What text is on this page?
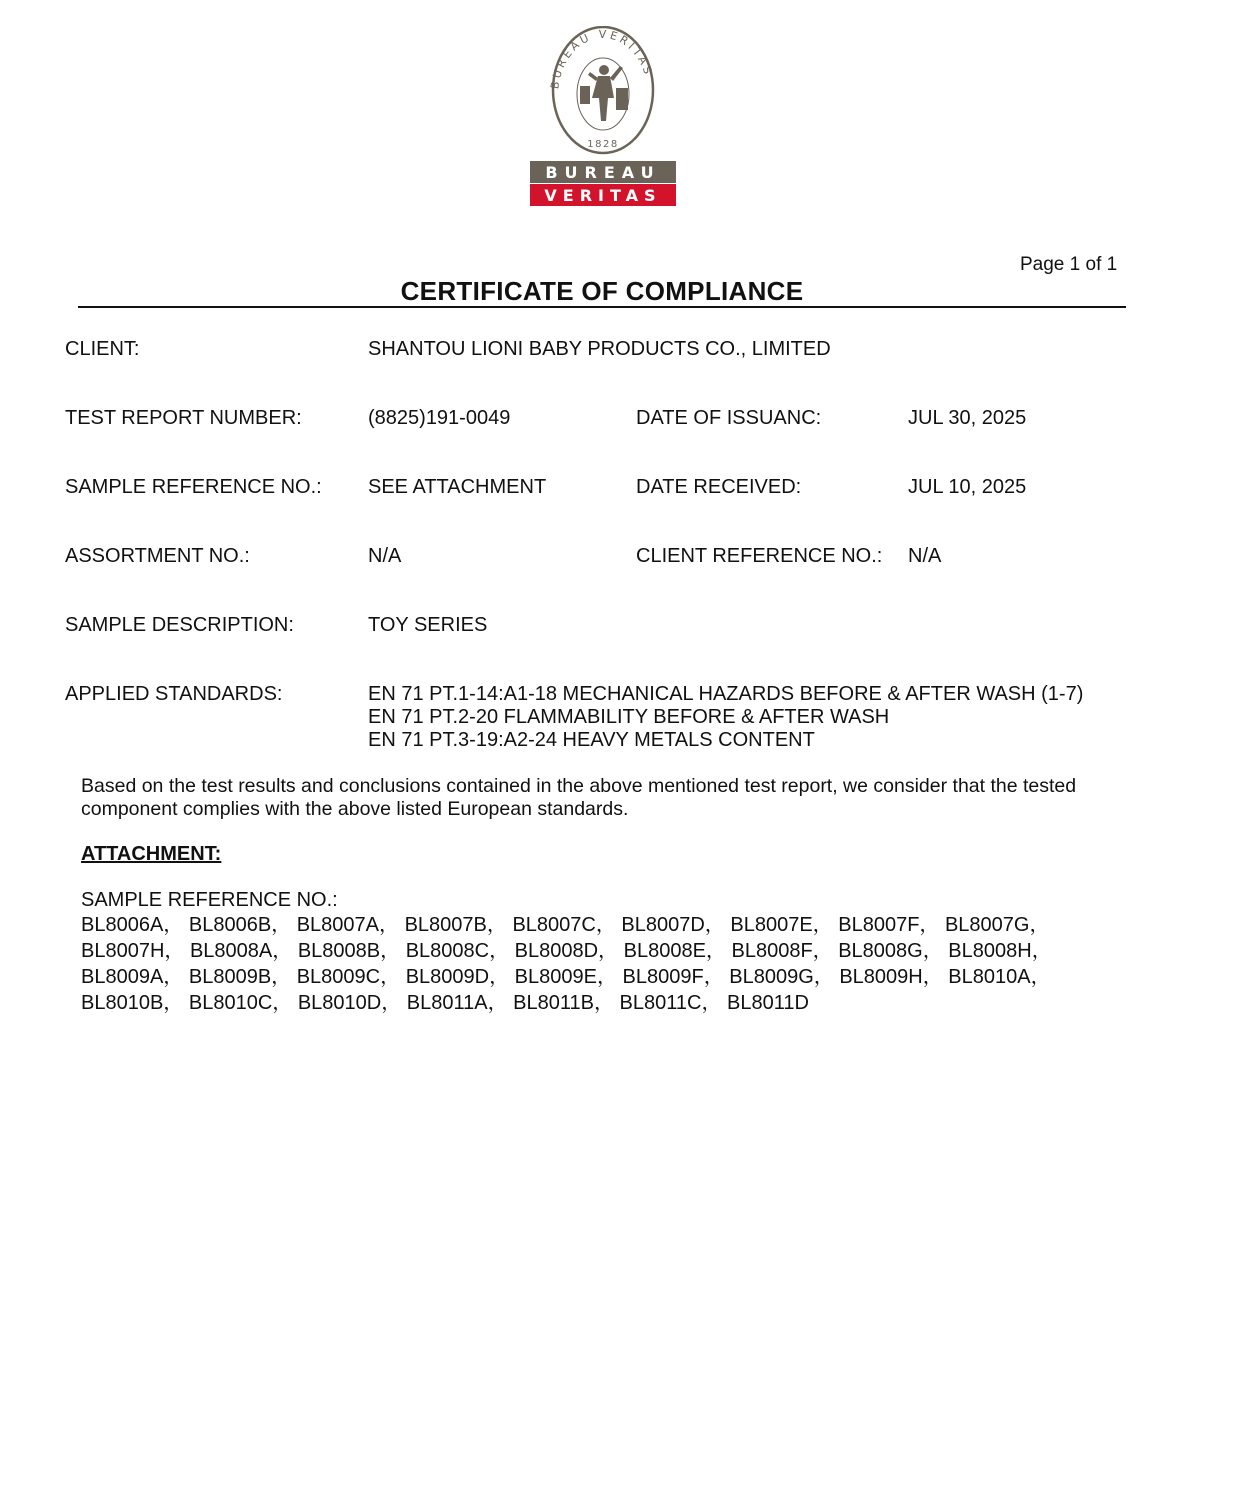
BUREAU VERITAS
1828
BUREAU
VERITAS
Page 1 of 1
CERTIFICATE OF COMPLIANCE
CLIENT:	SHANTOU LIONI BABY PRODUCTS CO., LIMITED
TEST REPORT NUMBER:	(8825)191-0049	DATE OF ISSUANC:	JUL 30, 2025
SAMPLE REFERENCE NO.: SEE ATTACHMENT	DATE RECEIVED:	JUL 10, 2025
ASSORTMENT NO.:	N/A	CLIENT REFERENCE NO.: N/A
SAMPLE DESCRIPTION:	TOY SERIES
APPLIED STANDARDS:	EN 71 PT.1-14:A1-18 MECHANICAL HAZARDS BEFORE & AFTER WASH (1-7)
EN 71 PT.2-20 FLAMMABILITY BEFORE & AFTER WASH
EN 71 PT.3-19:A2-24 HEAVY METALS CONTENT
Based on the test results and conclusions contained in the above mentioned test report, we consider that the tested component complies with the above listed European standards.
ATTACHMENT:
SAMPLE REFERENCE NO.:
BL8006A， BL8006B， BL8007A， BL8007B， BL8007C， BL8007D， BL8007E， BL8007F， BL8007G， BL8007H， BL8008A， BL8008B， BL8008C， BL8008D， BL8008E， BL8008F， BL8008G， BL8008H， BL8009A， BL8009B， BL8009C， BL8009D， BL8009E， BL8009F， BL8009G， BL8009H， BL8010A， BL8010B， BL8010C， BL8010D， BL8011A， BL8011B， BL8011C， BL8011D
